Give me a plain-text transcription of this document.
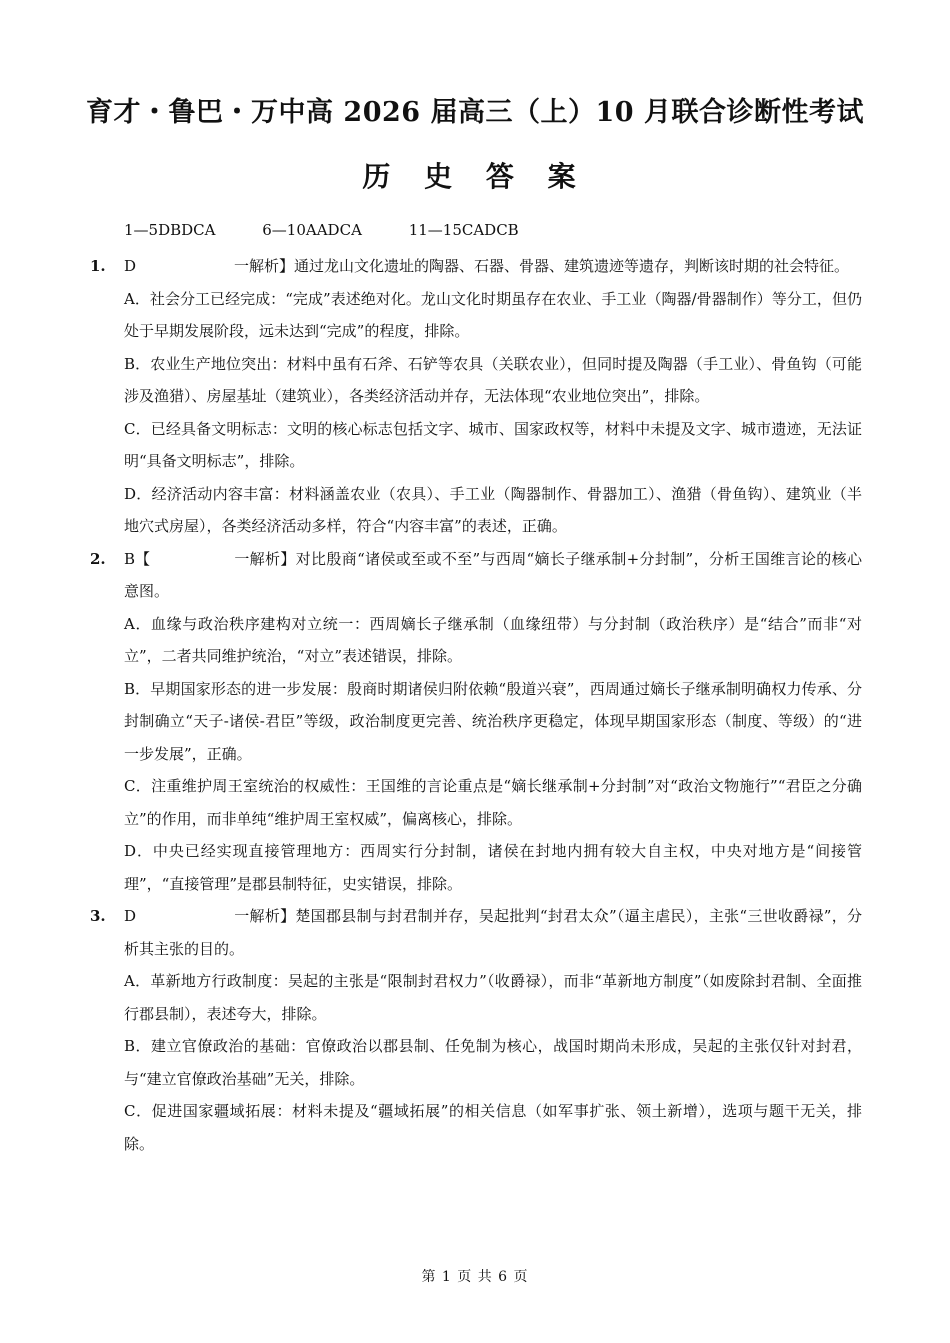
育才・鲁巴・万中高 2026 届高三（上）10 月联合诊断性考试
历 史 答 案
1—5DBDCA	6—10AADCA	11—15CADCB
1.	D	一解析】通过龙山文化遗址的陶器、石器、骨器、建筑遗迹等遗存，判断该时期的社会特征。
A．社会分工已经完成：“完成”表述绝对化。龙山文化时期虽存在农业、手工业（陶器/骨器制作）等分工，但仍处于早期发展阶段，远未达到“完成”的程度，排除。
B．农业生产地位突出：材料中虽有石斧、石铲等农具（关联农业），但同时提及陶器（手工业）、骨鱼钩（可能涉及渔猎）、房屋基址（建筑业），各类经济活动并存，无法体现“农业地位突出”，排除。
C．已经具备文明标志：文明的核心标志包括文字、城市、国家政权等，材料中未提及文字、城市遗迹，无法证明“具备文明标志”，排除。
D．经济活动内容丰富：材料涵盖农业（农具）、手工业（陶器制作、骨器加工）、渔猎（骨鱼钩）、建筑业（半地穴式房屋），各类经济活动多样，符合“内容丰富”的表述，正确。
2.	B【	一解析】对比殷商“诸侯或至或不至”与西周“嫡长子继承制+分封制”，分析王国维言论的核心意图。
A．血缘与政治秩序建构对立统一：西周嫡长子继承制（血缘纽带）与分封制（政治秩序）是“结合”而非“对立”，二者共同维护统治，“对立”表述错误，排除。
B．早期国家形态的进一步发展：殷商时期诸侯归附依赖“殷道兴衰”，西周通过嫡长子继承制明确权力传承、分封制确立“天子-诸侯-君臣”等级，政治制度更完善、统治秩序更稳定，体现早期国家形态（制度、等级）的“进一步发展”，正确。
C．注重维护周王室统治的权威性：王国维的言论重点是“嫡长继承制+分封制”对“政治文物施行”“君臣之分确立”的作用，而非单纯“维护周王室权威”，偏离核心，排除。
D．中央已经实现直接管理地方：西周实行分封制，诸侯在封地内拥有较大自主权，中央对地方是“间接管理”，“直接管理”是郡县制特征，史实错误，排除。
3.	D	一解析】楚国郡县制与封君制并存，吴起批判“封君太众”（逼主虐民），主张“三世收爵禄”，分析其主张的目的。
A．革新地方行政制度：吴起的主张是“限制封君权力”（收爵禄），而非“革新地方制度”（如废除封君制、全面推行郡县制），表述夸大，排除。
B．建立官僚政治的基础：官僚政治以郡县制、任免制为核心，战国时期尚未形成，吴起的主张仅针对封君，与“建立官僚政治基础”无关，排除。
C．促进国家疆域拓展：材料未提及“疆域拓展”的相关信息（如军事扩张、领土新增），选项与题干无关，排除。
第 1 页 共 6 页
